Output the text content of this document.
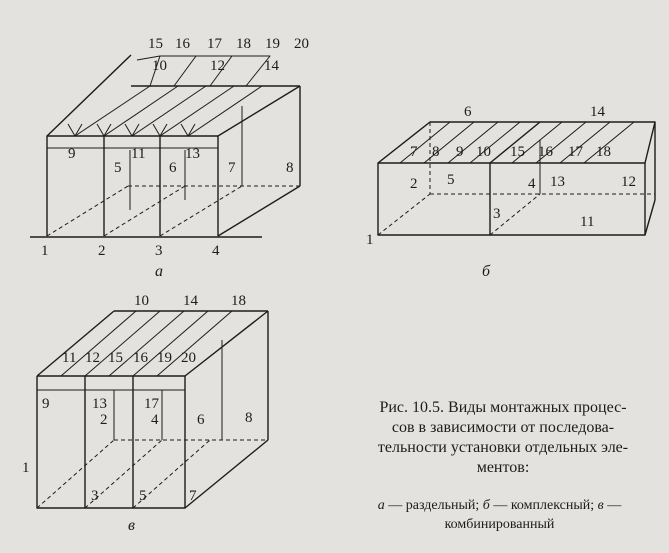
15 16 17 18 19 20
10	12	14
9	11	13
5	6	7	8
1	2	3	4
а
6	14
7 8 9 10 15 16 17 18
2 5	4 13	12
3	11
1
б
10 14 18
11 12 15 16 19 20
9	13 17
2	4	6	8
1
3	5	7
в
Рис. 10.5. Виды монтажных процес-
сов в зависимости от последова-
тельности установки отдельных эле-
ментов:
а — раздельный; б — комплексный; в —
комбинированный
